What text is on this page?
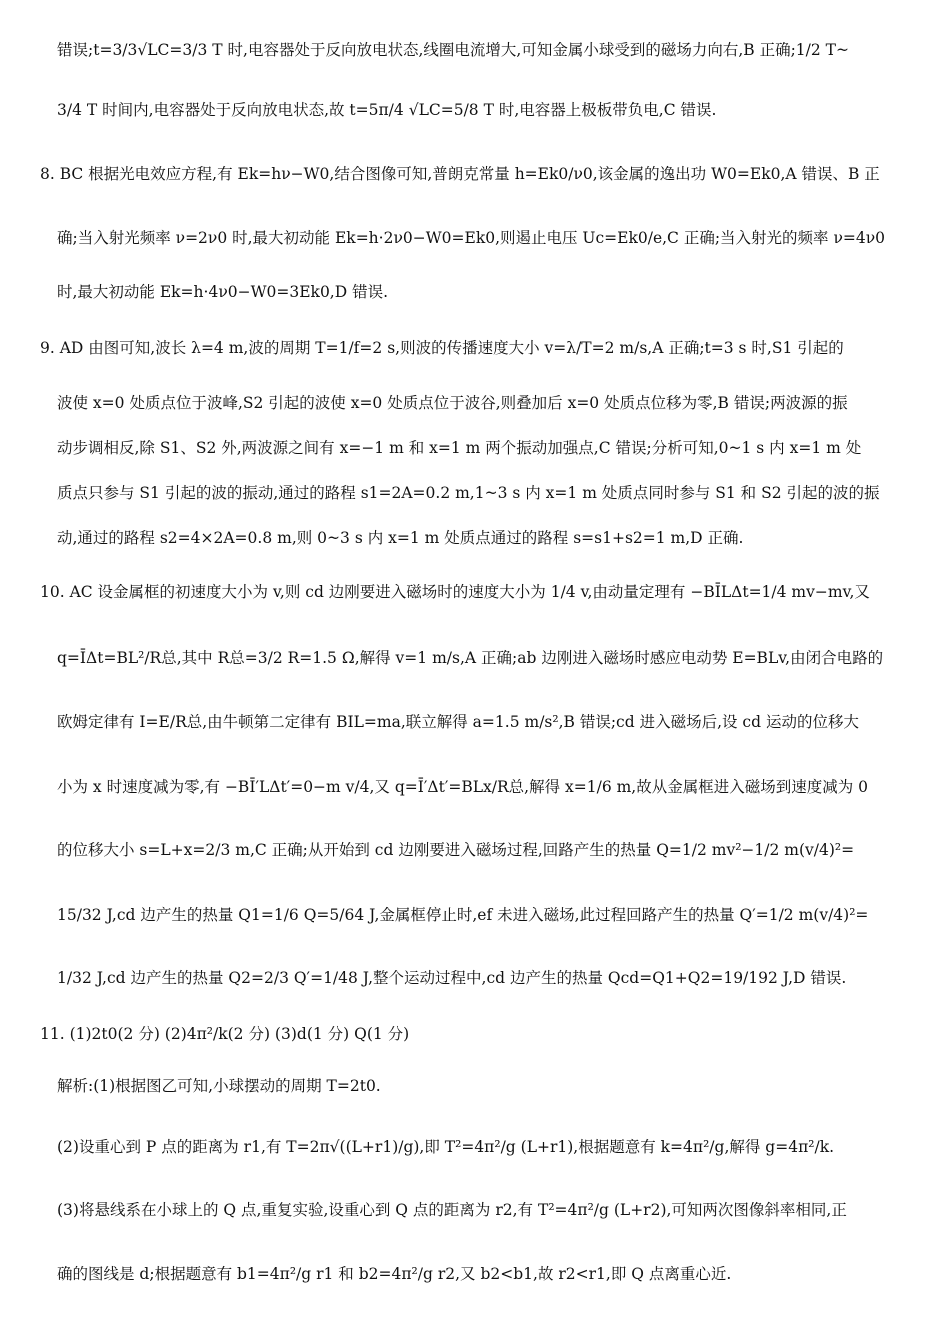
错误;t=3/3√LC=3/3 T 时,电容器处于反向放电状态,线圈电流增大,可知金属小球受到的磁场力向右,B 正确;1/2 T~
3/4 T 时间内,电容器处于反向放电状态,故 t=5π/4 √LC=5/8 T 时,电容器上极板带负电,C 错误.
8. BC 根据光电效应方程,有 Ek=hν−W0,结合图像可知,普朗克常量 h=Ek0/ν0,该金属的逸出功 W0=Ek0,A 错误、B 正
确;当入射光频率 ν=2ν0 时,最大初动能 Ek=h·2ν0−W0=Ek0,则遏止电压 Uc=Ek0/e,C 正确;当入射光的频率 ν=4ν0
时,最大初动能 Ek=h·4ν0−W0=3Ek0,D 错误.
9. AD 由图可知,波长 λ=4 m,波的周期 T=1/f=2 s,则波的传播速度大小 v=λ/T=2 m/s,A 正确;t=3 s 时,S1 引起的
波使 x=0 处质点位于波峰,S2 引起的波使 x=0 处质点位于波谷,则叠加后 x=0 处质点位移为零,B 错误;两波源的振
动步调相反,除 S1、S2 外,两波源之间有 x=−1 m 和 x=1 m 两个振动加强点,C 错误;分析可知,0~1 s 内 x=1 m 处
质点只参与 S1 引起的波的振动,通过的路程 s1=2A=0.2 m,1~3 s 内 x=1 m 处质点同时参与 S1 和 S2 引起的波的振
动,通过的路程 s2=4×2A=0.8 m,则 0~3 s 内 x=1 m 处质点通过的路程 s=s1+s2=1 m,D 正确.
10. AC 设金属框的初速度大小为 v,则 cd 边刚要进入磁场时的速度大小为 1/4 v,由动量定理有 −BĪLΔt=1/4 mv−mv,又
q=ĪΔt=BL²/R总,其中 R总=3/2 R=1.5 Ω,解得 v=1 m/s,A 正确;ab 边刚进入磁场时感应电动势 E=BLv,由闭合电路的
欧姆定律有 I=E/R总,由牛顿第二定律有 BIL=ma,联立解得 a=1.5 m/s²,B 错误;cd 进入磁场后,设 cd 运动的位移大
小为 x 时速度减为零,有 −BĪ′LΔt′=0−m v/4,又 q=Ī′Δt′=BLx/R总,解得 x=1/6 m,故从金属框进入磁场到速度减为 0
的位移大小 s=L+x=2/3 m,C 正确;从开始到 cd 边刚要进入磁场过程,回路产生的热量 Q=1/2 mv²−1/2 m(v/4)²=
15/32 J,cd 边产生的热量 Q1=1/6 Q=5/64 J,金属框停止时,ef 未进入磁场,此过程回路产生的热量 Q′=1/2 m(v/4)²=
1/32 J,cd 边产生的热量 Q2=2/3 Q′=1/48 J,整个运动过程中,cd 边产生的热量 Qcd=Q1+Q2=19/192 J,D 错误.
11. (1)2t0(2 分) (2)4π²/k(2 分) (3)d(1 分) Q(1 分)
解析:(1)根据图乙可知,小球摆动的周期 T=2t0.
(2)设重心到 P 点的距离为 r1,有 T=2π√((L+r1)/g),即 T²=4π²/g (L+r1),根据题意有 k=4π²/g,解得 g=4π²/k.
(3)将悬线系在小球上的 Q 点,重复实验,设重心到 Q 点的距离为 r2,有 T²=4π²/g (L+r2),可知两次图像斜率相同,正
确的图线是 d;根据题意有 b1=4π²/g r1 和 b2=4π²/g r2,又 b2<b1,故 r2<r1,即 Q 点离重心近.
